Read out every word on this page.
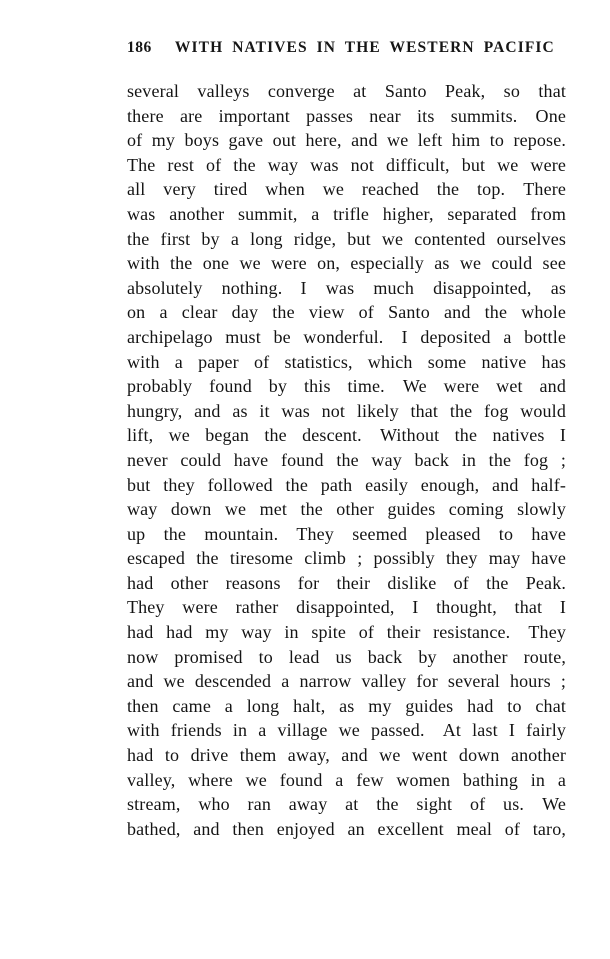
186	WITH NATIVES IN THE WESTERN PACIFIC
several valleys converge at Santo Peak, so that
there are important passes near its summits. One
of my boys gave out here, and we left him to repose.
The rest of the way was not difficult, but we were
all very tired when we reached the top. There
was another summit, a trifle higher, separated from
the first by a long ridge, but we contented ourselves
with the one we were on, especially as we could see
absolutely nothing. I was much disappointed, as
on a clear day the view of Santo and the whole
archipelago must be wonderful. I deposited a bottle
with a paper of statistics, which some native has
probably found by this time. We were wet and
hungry, and as it was not likely that the fog would
lift, we began the descent. Without the natives I
never could have found the way back in the fog ;
but they followed the path easily enough, and half-
way down we met the other guides coming slowly
up the mountain. They seemed pleased to have
escaped the tiresome climb ; possibly they may have
had other reasons for their dislike of the Peak.
They were rather disappointed, I thought, that I
had had my way in spite of their resistance. They
now promised to lead us back by another route,
and we descended a narrow valley for several hours ;
then came a long halt, as my guides had to chat
with friends in a village we passed. At last I fairly
had to drive them away, and we went down another
valley, where we found a few women bathing in a
stream, who ran away at the sight of us. We
bathed, and then enjoyed an excellent meal of taro,
